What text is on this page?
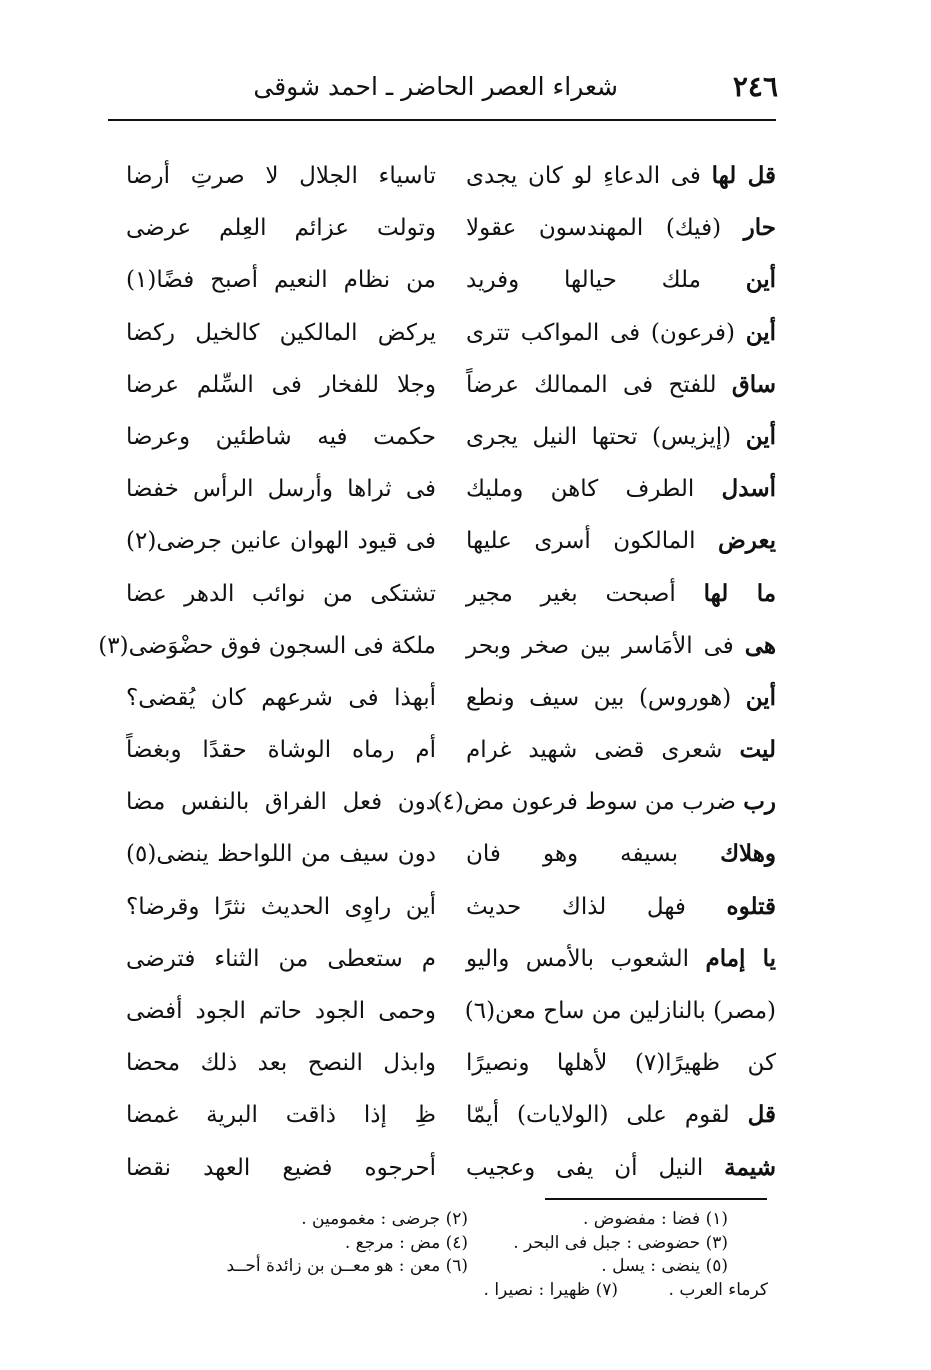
٢٤٦
شعراء العصر الحاضر ـ احمد شوقى
قل لها فى الدعاءِ لو كان يجدى
حار (فيك) المهندسون عقولا
أين ملك حيالها وفريد
أين (فرعون) فى المواكب تترى
ساق للفتح فى الممالك عرضاً
أين (إيزيس) تحتها النيل يجرى
أسدل الطرف كاهن ومليك
يعرض المالكون أسرى عليها
ما لها أصبحت بغير مجير
هى فى الأمَاسر بين صخر وبحر
أين (هوروس) بين سيف ونطع
ليت شعرى قضى شهيد غرام
رب ضرب من سوط فرعون مض(٤)
وهلاك بسيفه وهو فان
قتلوه فهل لذاك حديث
يا إمام الشعوب بالأمس واليو
(مصر) بالنازلين من ساح معن(٦)
كن ظهيرًا(٧) لأهلها ونصيرًا
قل لقوم على (الولايات) أيمّا
شيمة النيل أن يفى وعجيب
تاسياء الجلال لا صرتِ أرضا
وتولت عزائم العِلم عرضى
من نظام النعيم أصبح فضًا(١)
يركض المالكين كالخيل ركضا
وجلا للفخار فى السِّلم عرضا
حكمت فيه شاطئين وعرضا
فى ثراها وأرسل الرأس خفضا
فى قيود الهوان عانين جرضى(٢)
تشتكى من نوائب الدهر عضا
ملكة فى السجون فوق حضْوَضى(٣)
أبهذا فى شرعهم كان يُقضى؟
أم رماه الوشاة حقدًا وبغضاً
دون فعل الفراق بالنفس مضا
دون سيف من اللواحظ ينضى(٥)
أين راوِى الحديث نثرًا وقرضا؟
م ستعطى من الثناء فترضى
وحمى الجود حاتم الجود أفضى
وابذل النصح بعد ذلك محضا
ظِ إذا ذاقت البرية غمضا
أحرجوه فضيع العهد نقضا
(١) فضا : مفضوض .
(٢) جرضى : مغمومين .
(٣) حضوضى : جبل فى البحر .
(٤) مض : مرجع .
(٥) ينضى : يسل .
(٦) معن : هو معــن بن زائدة أحــد
كرماء العرب .
(٧) ظهيرا : نصيرا .
